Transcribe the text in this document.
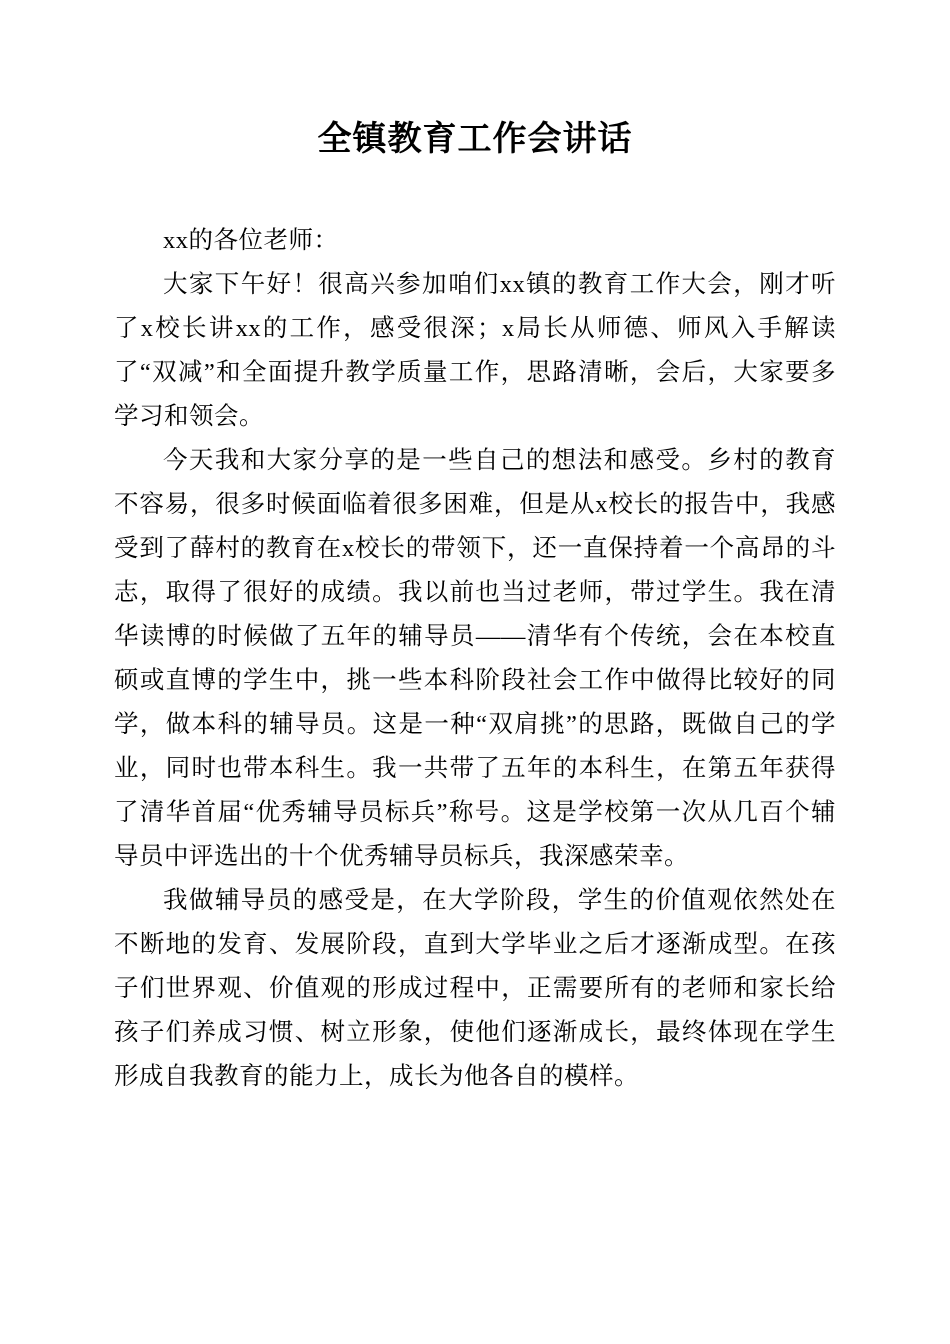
全镇教育工作会讲话

xx的各位老师：

大家下午好！很高兴参加咱们xx镇的教育工作大会，刚才听了x校长讲xx的工作，感受很深；x局长从师德、师风入手解读了“双减”和全面提升教学质量工作，思路清晰，会后，大家要多学习和领会。

今天我和大家分享的是一些自己的想法和感受。乡村的教育不容易，很多时候面临着很多困难，但是从x校长的报告中，我感受到了薛村的教育在x校长的带领下，还一直保持着一个高昂的斗志，取得了很好的成绩。我以前也当过老师，带过学生。我在清华读博的时候做了五年的辅导员——清华有个传统，会在本校直硕或直博的学生中，挑一些本科阶段社会工作中做得比较好的同学，做本科的辅导员。这是一种“双肩挑”的思路，既做自己的学业，同时也带本科生。我一共带了五年的本科生，在第五年获得了清华首届“优秀辅导员标兵”称号。这是学校第一次从几百个辅导员中评选出的十个优秀辅导员标兵，我深感荣幸。

我做辅导员的感受是，在大学阶段，学生的价值观依然处在不断地的发育、发展阶段，直到大学毕业之后才逐渐成型。在孩子们世界观、价值观的形成过程中，正需要所有的老师和家长给孩子们养成习惯、树立形象，使他们逐渐成长，最终体现在学生形成自我教育的能力上，成长为他各自的模样。
